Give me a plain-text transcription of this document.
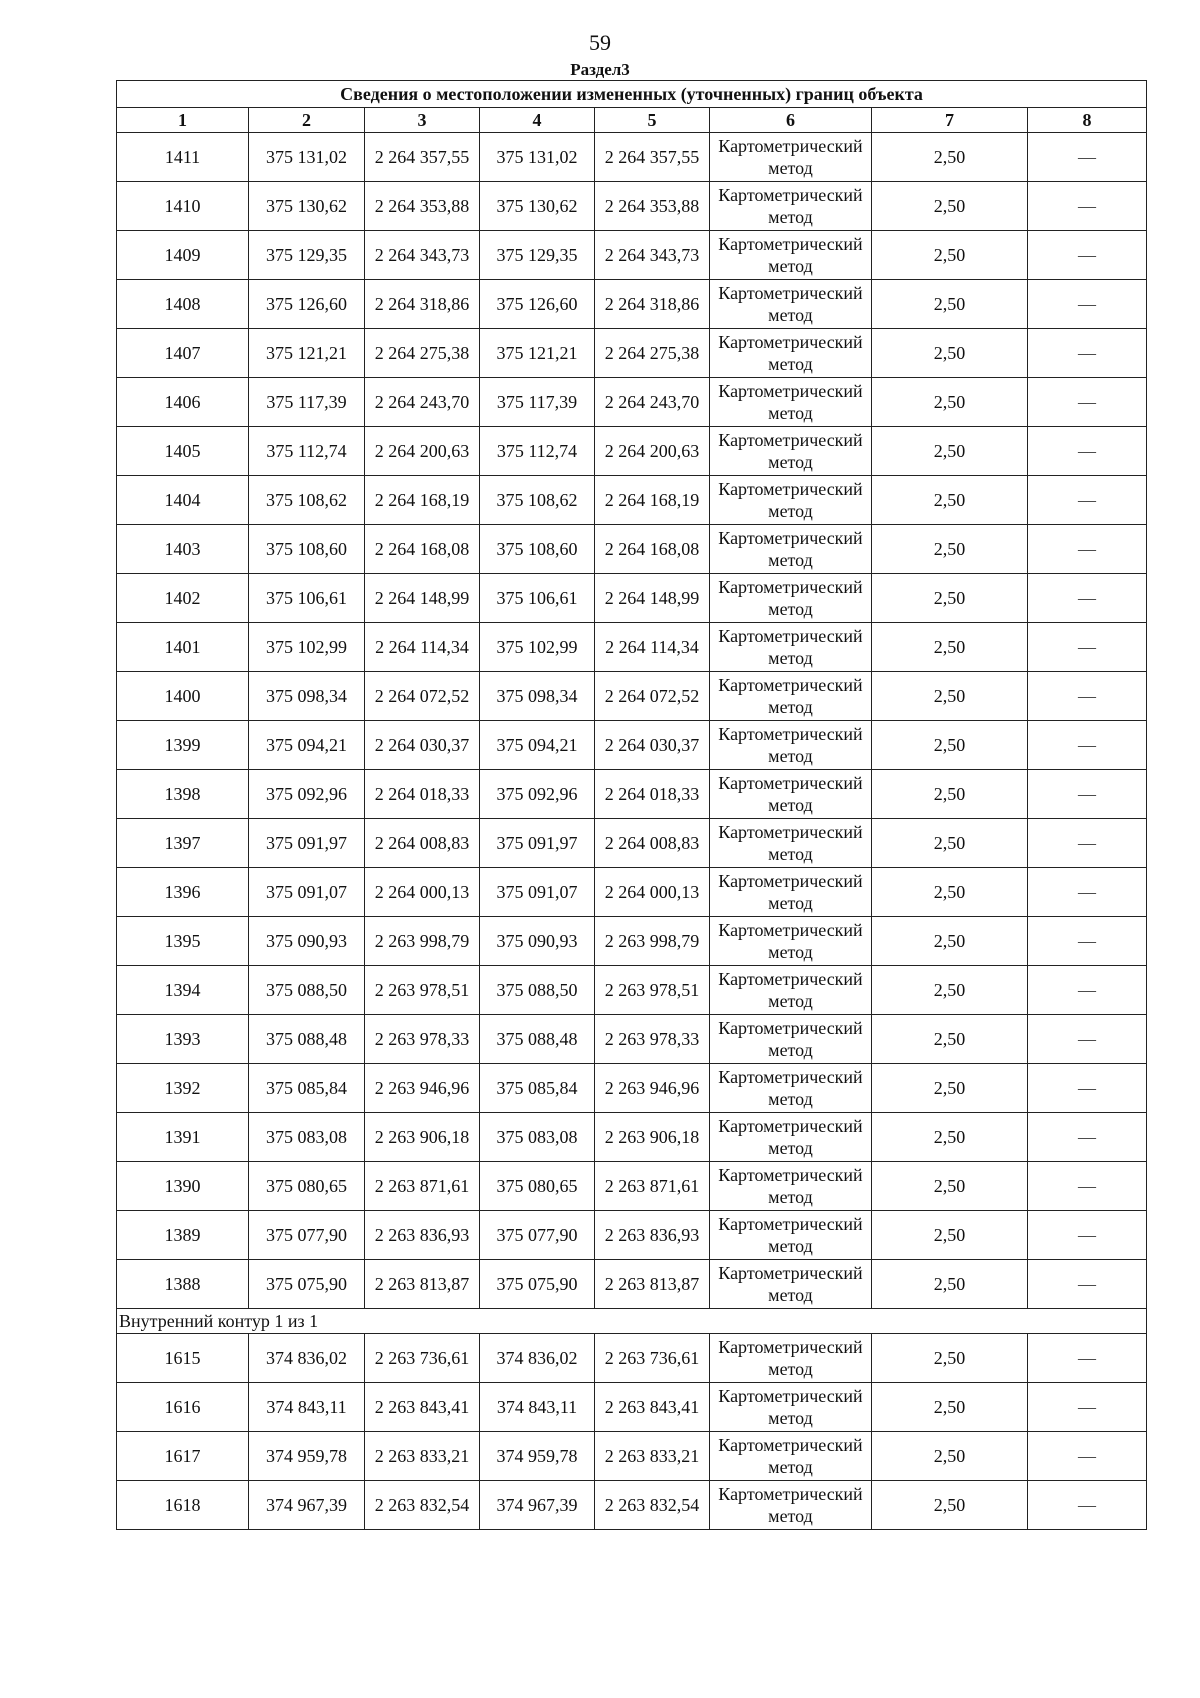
59
Раздел3
Сведения о местоположении измененных (уточненных) границ объекта							
1	2	3	4	5	6	7	8
1411	375 131,02	2 264 357,55	375 131,02	2 264 357,55	Картометрический метод	2,50	—
1410	375 130,62	2 264 353,88	375 130,62	2 264 353,88	Картометрический метод	2,50	—
1409	375 129,35	2 264 343,73	375 129,35	2 264 343,73	Картометрический метод	2,50	—
1408	375 126,60	2 264 318,86	375 126,60	2 264 318,86	Картометрический метод	2,50	—
1407	375 121,21	2 264 275,38	375 121,21	2 264 275,38	Картометрический метод	2,50	—
1406	375 117,39	2 264 243,70	375 117,39	2 264 243,70	Картометрический метод	2,50	—
1405	375 112,74	2 264 200,63	375 112,74	2 264 200,63	Картометрический метод	2,50	—
1404	375 108,62	2 264 168,19	375 108,62	2 264 168,19	Картометрический метод	2,50	—
1403	375 108,60	2 264 168,08	375 108,60	2 264 168,08	Картометрический метод	2,50	—
1402	375 106,61	2 264 148,99	375 106,61	2 264 148,99	Картометрический метод	2,50	—
1401	375 102,99	2 264 114,34	375 102,99	2 264 114,34	Картометрический метод	2,50	—
1400	375 098,34	2 264 072,52	375 098,34	2 264 072,52	Картометрический метод	2,50	—
1399	375 094,21	2 264 030,37	375 094,21	2 264 030,37	Картометрический метод	2,50	—
1398	375 092,96	2 264 018,33	375 092,96	2 264 018,33	Картометрический метод	2,50	—
1397	375 091,97	2 264 008,83	375 091,97	2 264 008,83	Картометрический метод	2,50	—
1396	375 091,07	2 264 000,13	375 091,07	2 264 000,13	Картометрический метод	2,50	—
1395	375 090,93	2 263 998,79	375 090,93	2 263 998,79	Картометрический метод	2,50	—
1394	375 088,50	2 263 978,51	375 088,50	2 263 978,51	Картометрический метод	2,50	—
1393	375 088,48	2 263 978,33	375 088,48	2 263 978,33	Картометрический метод	2,50	—
1392	375 085,84	2 263 946,96	375 085,84	2 263 946,96	Картометрический метод	2,50	—
1391	375 083,08	2 263 906,18	375 083,08	2 263 906,18	Картометрический метод	2,50	—
1390	375 080,65	2 263 871,61	375 080,65	2 263 871,61	Картометрический метод	2,50	—
1389	375 077,90	2 263 836,93	375 077,90	2 263 836,93	Картометрический метод	2,50	—
1388	375 075,90	2 263 813,87	375 075,90	2 263 813,87	Картометрический метод	2,50	—
Внутренний контур 1 из 1							
1615	374 836,02	2 263 736,61	374 836,02	2 263 736,61	Картометрический метод	2,50	—
1616	374 843,11	2 263 843,41	374 843,11	2 263 843,41	Картометрический метод	2,50	—
1617	374 959,78	2 263 833,21	374 959,78	2 263 833,21	Картометрический метод	2,50	—
1618	374 967,39	2 263 832,54	374 967,39	2 263 832,54	Картометрический метод	2,50	—
